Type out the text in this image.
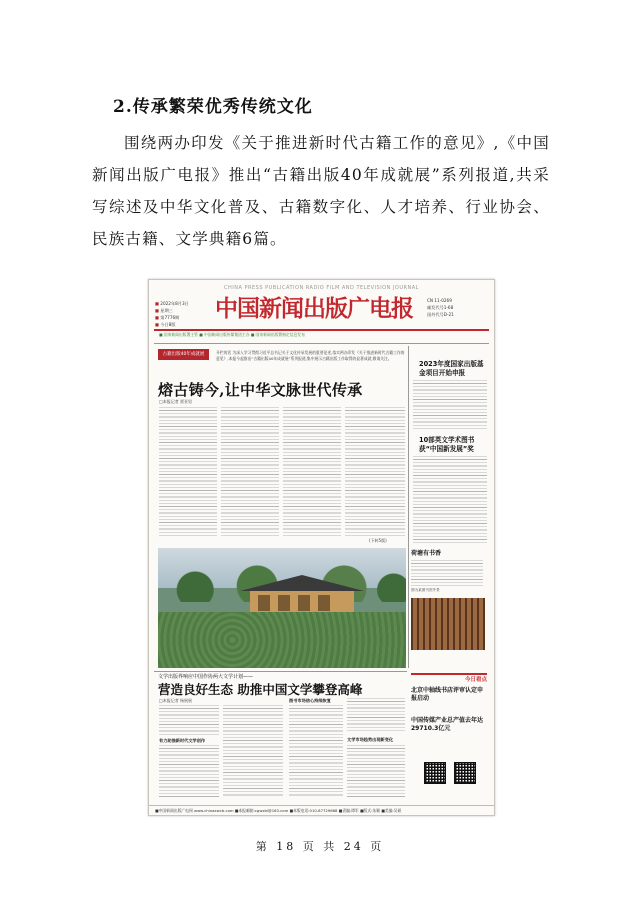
2.传承繁荣优秀传统文化
围绕两办印发《关于推进新时代古籍工作的意见》,《中国新闻出版广电报》推出“古籍出版40年成就展”系列报道,共采写综述及中华文化普及、古籍数字化、人才培养、行业协会、民族古籍、文学典籍6篇。
CHINA PRESS PUBLICATION RADIO FILM AND TELEVISION JOURNAL
■ 2022年8月3日
■ 星期三
■ 第7776期
■ 今日8版
中国新闻出版广电报	CN 11-0269
邮发代号1-68
国外代号D-21
■ 国家新闻出版署主管 ■ 中国新闻出版传媒集团主办 ■ 国家新闻出版署指定信息发布
古籍出版40年成就展	开栏的话 为深入学习贯彻习近平总书记关于文化传承发展的重要论述,落实两办印发《关于推进新时代古籍工作的意见》,本报今起推出“古籍出版40年成就展”系列报道,集中展示古籍出版工作取得的显著成就,敬请关注。
熔古铸今,让中华文脉世代传承
□本报记者 贾亚男
(下转5版)
2023年度国家出版基金项目开始申报
10部英文学术图书获“中国新发展”奖
荷塘有书香
图为某图书馆外景
文学出版界响应中国作协两大文学计划——
营造良好生态 助推中国文学攀登高峰
□本报记者 杨展展
有力助推新时代文学创作
图书市场信心持续恢复
文学市场趋势出现新变化
今日看点
北京中轴线书店评审认定申报启动
中国传媒产业总产值去年达29710.3亿元
■中国新闻出版广电网 www.chinaxwcb.com ■本报邮箱:cgwzbl@163.com ■本版电话:010-87729668 ■责编:谭军 ■版式:朱颖 ■美编:吴硕
第 18 页 共 24 页
